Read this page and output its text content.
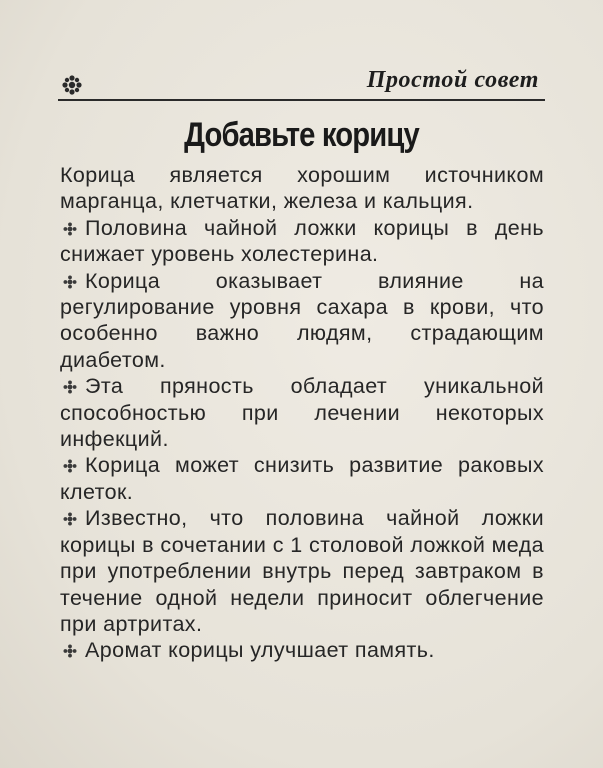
Простой совет
Добавьте корицу

Корица является хорошим источником марганца, клетчатки, железа и кальция.

Половина чайной ложки корицы в день снижает уровень холестерина.

Корица оказывает влияние на регулирование уровня сахара в крови, что особенно важно людям, страдающим диабетом.

Эта пряность обладает уникальной способностью при лечении некоторых инфекций.

Корица может снизить развитие раковых клеток.

Известно, что половина чайной ложки корицы в сочетании с 1 столовой ложкой меда при употреблении внутрь перед завтраком в течение одной недели приносит облегчение при артритах.

Аромат корицы улучшает память.
